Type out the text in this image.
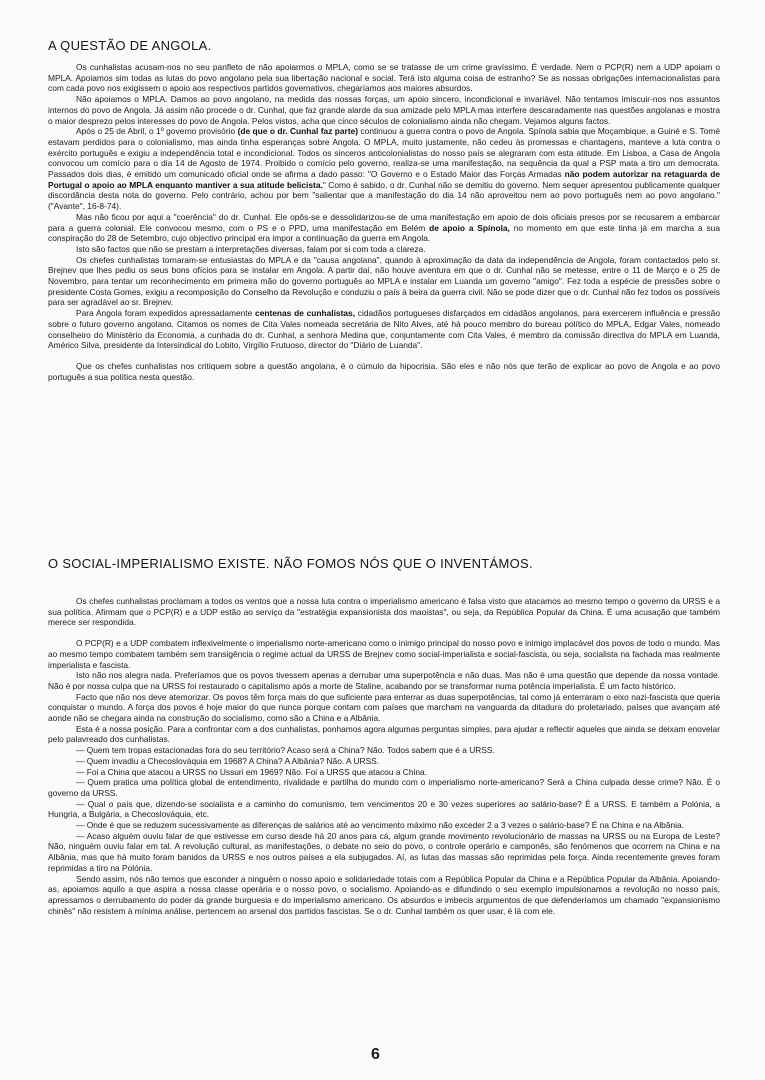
A QUESTÃO DE ANGOLA.

Os cunhalistas acusam-nos no seu panfleto de não apoiarmos o MPLA, como se se tratasse de um crime gravíssimo. É verdade. Nem o PCP(R) nem a UDP apoiam o MPLA. Apoiamos sim todas as lutas do povo angolano pela sua libertação nacional e social. Terá isto alguma coisa de estranho? Se as nossas obrigações internacionalistas para com cada povo nos exigissem o apoio aos respectivos partidos governativos, chegaríamos aos maiores absurdos.

Não apoiamos o MPLA. Damos ao povo angolano, na medida das nossas forças, um apoio sincero, incondicional e invariável. Não tentamos imiscuir-nos nos assuntos internos do povo de Angola. Já assim não procede o dr. Cunhal, que faz grande alarde da sua amizade pelo MPLA mas interfere descaradamente nas questões angolanas e mostra o maior desprezo pelos interesses do povo de Angola. Pelos vistos, acha que cinco séculos de colonialismo ainda não chegam. Vejamos alguns factos.

Após o 25 de Abril, o 1º governo provisório (de que o dr. Cunhal faz parte) continuou a guerra contra o povo de Angola. Spínola sabia que Moçambique, a Guiné e S. Tomé estavam perdidos para o colonialismo, mas ainda tinha esperanças sobre Angola. O MPLA, muito justamente, não cedeu às promessas e chantagens, manteve a luta contra o exército português e exigiu a independência total e incondicional. Todos os sinceros anticolonialistas do nosso país se alegraram com esta atitude. Em Lisboa, a Casa de Angola convocou um comício para o dia 14 de Agosto de 1974. Proibido o comício pelo governo, realiza-se uma manifestação, na sequência da qual a PSP mata a tiro um democrata. Passados dois dias, é emitido um comunicado oficial onde se afirma a dado passo: "O Governo e o Estado Maior das Forças Armadas não podem autorizar na retaguarda de Portugal o apoio ao MPLA enquanto mantiver a sua atitude belicista." Como é sabido, o dr. Cunhal não se demitiu do governo. Nem sequer apresentou publicamente qualquer discordância desta nota do governo. Pelo contrário, achou por bem "salientar que a manifestação do dia 14 não aproveitou nem ao povo português nem ao povo angolano." ("Avante", 16-8-74).

Mas não ficou por aqui a "coerência" do dr. Cunhal. Ele opôs-se e dessolidarizou-se de uma manifestação em apoio de dois oficiais presos por se recusarem a embarcar para a guerra colonial. Ele convocou mesmo, com o PS e o PPD, uma manifestação em Belém de apoio a Spínola, no momento em que este tinha já em marcha a sua conspiração do 28 de Setembro, cujo objectivo principal era impor a continuação da guerra em Angola.

Isto são factos que não se prestam a interpretações diversas, falam por si com toda a clareza.

Os chefes cunhalistas tornaram-se entusiastas do MPLA e da "causa angolana", quando à aproximação da data da independência de Angola, foram contactados pelo sr. Brejnev que lhes pediu os seus bons ofícios para se instalar em Angola. A partir daí, não houve aventura em que o dr. Cunhal não se metesse, entre o 11 de Março e o 25 de Novembro, para tentar um reconhecimento em primeira mão do governo português ao MPLA e instalar em Luanda um governo "amigo". Fez toda a espécie de pressões sobre o presidente Costa Gomes, exigiu a recomposição do Conselho da Revolução e conduziu o país à beira da guerra civil. Não se pode dizer que o dr. Cunhal não fez todos os possíveis para ser agradável ao sr. Brejnev.

Para Angola foram expedidos apressadamente centenas de cunhalistas, cidadãos portugueses disfarçados em cidadãos angolanos, para exercerem influência e pressão sobre o futuro governo angolano. Citamos os nomes de Cita Vales nomeada secretária de Nito Alves, até há pouco membro do bureau político do MPLA, Edgar Vales, nomeado conselheiro do Ministério da Economia, a cunhada do dr. Cunhal, a senhora Medina que, conjuntamente com Cita Vales, é membro da comissão directiva do MPLA em Luanda, Américo Silva, presidente da Intersindical do Lobito, Virgílio Frutuoso, director do "Diário de Luanda".

Que os chefes cunhalistas nos critiquem sobre a questão angolana, é o cúmulo da hipocrisia. São eles e não nós que terão de explicar ao povo de Angola e ao povo português a sua política nesta questão.

O SOCIAL-IMPERIALISMO EXISTE. NÃO FOMOS NÓS QUE O INVENTÁMOS.

Os chefes cunhalistas proclamam a todos os ventos que a nossa luta contra o imperialismo americano é falsa visto que atacamos ao mesmo tempo o governo da URSS e a sua política. Afirmam que o PCP(R) e a UDP estão ao serviço da "estratégia expansionista dos maoistas", ou seja, da República Popular da China. É uma acusação que também merece ser respondida.

O PCP(R) e a UDP combatem inflexivelmente o imperialismo norte-americano como o inimigo principal do nosso povo e inimigo implacável dos povos de todo o mundo. Mas ao mesmo tempo combatem também sem transigência o regime actual da URSS de Brejnev como social-imperialista e social-fascista, ou seja, socialista na fachada mas realmente imperialista e fascista.

Isto não nos alegra nada. Preferíamos que os povos tivessem apenas a derrubar uma superpotência e não duas. Mas não é uma questão que depende da nossa vontade. Não é por nossa culpa que na URSS foi restaurado o capitalismo após a morte de Staline, acabando por se transformar numa potência imperialista. É um facto histórico.

Facto que não nos deve atemorizar. Os povos têm força mais do que suficiente para enterrar as duas superpotências, tal como já enterraram o eixo nazi-fascista que queria conquistar o mundo. A força dos povos é hoje maior do que nunca porque contam com países que marcham na vanguarda da ditadura do proletariado, países que avançam até aonde não se chegara ainda na construção do socialismo, como são a China e a Albânia.

Esta é a nossa posição. Para a confrontar com a dos cunhalistas, ponhamos agora algumas perguntas simples, para ajudar a reflectir aqueles que ainda se deixam enovelar pelo palavreado dos cunhalistas.

— Quem tem tropas estacionadas fora do seu território? Acaso será a China? Não. Todos sabem que é a URSS.

— Quem invadiu a Checoslováquia em 1968? A China? A Albânia? Não. A URSS.

— Foi a China que atacou a URSS no Ussuri em 1969? Não. Foi a URSS que atacou a China.

— Quem pratica uma política global de entendimento, rivalidade e partilha do mundo com o imperialismo norte-americano? Será a China culpada desse crime? Não. É o governo da URSS.

— Qual o país que, dizendo-se socialista e a caminho do comunismo, tem vencimentos 20 e 30 vezes superiores ao salário-base? É a URSS. E também a Polónia, a Hungria, a Bulgária, a Checoslováquia, etc.

— Onde é que se reduzem sucessivamente as diferenças de salários até ao vencimento máximo não exceder 2 a 3 vezes o salário-base? É na China e na Albânia.

— Acaso alguém ouviu falar de que estivesse em curso desde há 20 anos para cá, algum grande movimento revolucionário de massas na URSS ou na Europa de Leste? Não, ninguém ouviu falar em tal. A revolução cultural, as manifestações, o debate no seio do povo, o controle operário e camponês, são fenómenos que ocorrem na China e na Albânia, mas que há muito foram banidos da URSS e nos outros países a ela subjugados. Aí, as lutas das massas são reprimidas pela força. Ainda recentemente greves foram reprimidas a tiro na Polónia.

Sendo assim, nós não temos que esconder a ninguém o nosso apoio e solidariedade totais com a República Popular da China e a República Popular da Albânia. Apoiando-as, apoiamos aquilo a que aspira a nossa classe operária e o nosso povo, o socialismo. Apoiando-as e difundindo o seu exemplo impulsionamos a revolução no nosso país, apressamos o derrubamento do poder da grande burguesia e do imperialismo americano. Os absurdos e imbecis argumentos de que defenderíamos um chamado "expansionismo chinês" não resistem à mínima análise, pertencem ao arsenal dos partidos fascistas. Se o dr. Cunhal também os quer usar, é lá com ele.

6
